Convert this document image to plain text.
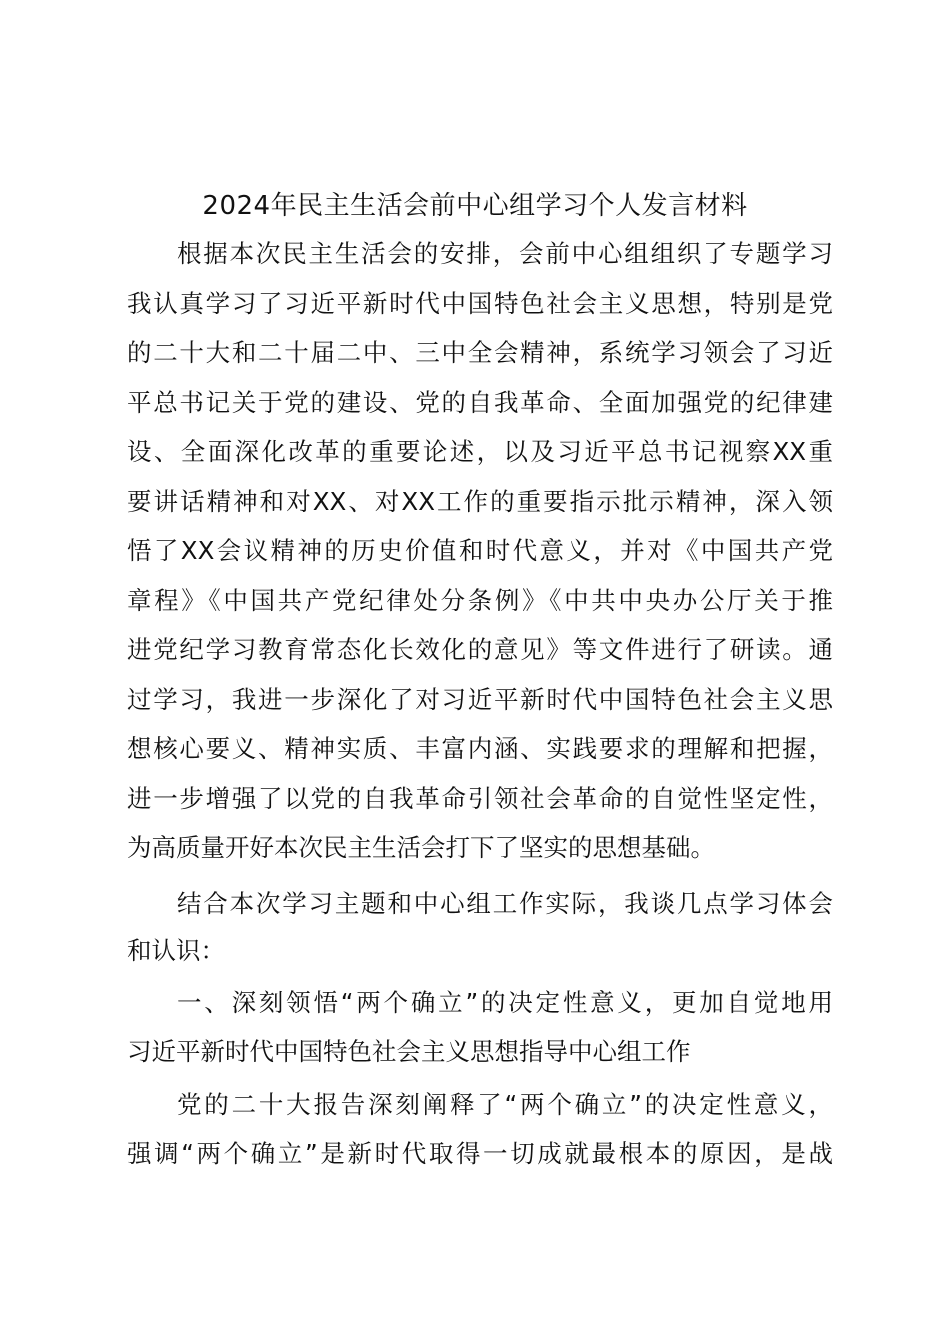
2024年民主生活会前中心组学习个人发言材料
根据本次民主生活会的安排，会前中心组组织了专题学习
我认真学习了习近平新时代中国特色社会主义思想，特别是党
的二十大和二十届二中、三中全会精神，系统学习领会了习近
平总书记关于党的建设、党的自我革命、全面加强党的纪律建
设、全面深化改革的重要论述，以及习近平总书记视察XX重
要讲话精神和对XX、对XX工作的重要指示批示精神，深入领
悟了XX会议精神的历史价值和时代意义，并对《中国共产党
章程》《中国共产党纪律处分条例》《中共中央办公厅关于推
进党纪学习教育常态化长效化的意见》等文件进行了研读。通
过学习，我进一步深化了对习近平新时代中国特色社会主义思
想核心要义、精神实质、丰富内涵、实践要求的理解和把握，
进一步增强了以党的自我革命引领社会革命的自觉性坚定性，
为高质量开好本次民主生活会打下了坚实的思想基础。
结合本次学习主题和中心组工作实际，我谈几点学习体会
和认识：
一、深刻领悟“两个确立”的决定性意义，更加自觉地用
习近平新时代中国特色社会主义思想指导中心组工作
党的二十大报告深刻阐释了“两个确立”的决定性意义，
强调“两个确立”是新时代取得一切成就最根本的原因，是战
